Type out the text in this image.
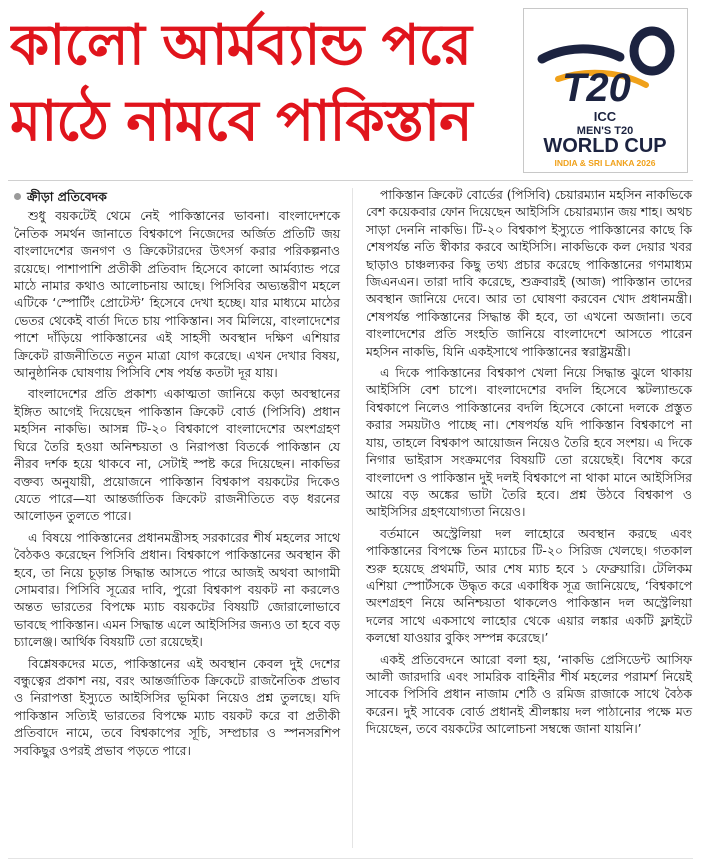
কালো আর্মব্যান্ড পরে
মাঠে নামবে পাকিস্তান
T20
ICC
MEN'S T20
WORLD CUP
INDIA & SRI LANKA 2026
ক্রীড়া প্রতিবেদক

শুধু বয়কটেই থেমে নেই পাকিস্তানের ভাবনা। বাংলাদেশকে নৈতিক সমর্থন জানাতে বিশ্বকাপে নিজেদের অর্জিত প্রতিটি জয় বাংলাদেশের জনগণ ও ক্রিকেটারদের উৎসর্গ করার পরিকল্পনাও রয়েছে। পাশাপাশি প্রতীকী প্রতিবাদ হিসেবে কালো আর্মব্যান্ড পরে মাঠে নামার কথাও আলোচনায় আছে। পিসিবির অভ্যন্তরীণ মহলে এটিকে ‘স্পোর্টিং প্রোটেস্ট’ হিসেবে দেখা হচ্ছে। যার মাধ্যমে মাঠের ভেতর থেকেই বার্তা দিতে চায় পাকিস্তান। সব মিলিয়ে, বাংলাদেশের পাশে দাঁড়িয়ে পাকিস্তানের এই সাহসী অবস্থান দক্ষিণ এশিয়ার ক্রিকেট রাজনীতিতে নতুন মাত্রা যোগ করেছে। এখন দেখার বিষয়, আনুষ্ঠানিক ঘোষণায় পিসিবি শেষ পর্যন্ত কতটা দূর যায়।

বাংলাদেশের প্রতি প্রকাশ্য একাত্মতা জানিয়ে কড়া অবস্থানের ইঙ্গিত আগেই দিয়েছেন পাকিস্তান ক্রিকেট বোর্ড (পিসিবি) প্রধান মহসিন নাকভি। আসন্ন টি-২০ বিশ্বকাপে বাংলাদেশের অংশগ্রহণ ঘিরে তৈরি হওয়া অনিশ্চয়তা ও নিরাপত্তা বিতর্কে পাকিস্তান যে নীরব দর্শক হয়ে থাকবে না, সেটাই স্পষ্ট করে দিয়েছেন। নাকভির বক্তব্য অনুযায়ী, প্রয়োজনে পাকিস্তান বিশ্বকাপ বয়কটের দিকেও যেতে পারে—যা আন্তর্জাতিক ক্রিকেট রাজনীতিতে বড় ধরনের আলোড়ন তুলতে পারে।

এ বিষয়ে পাকিস্তানের প্রধানমন্ত্রীসহ সরকারের শীর্ষ মহলের সাথে বৈঠকও করেছেন পিসিবি প্রধান। বিশ্বকাপে পাকিস্তানের অবস্থান কী হবে, তা নিয়ে চূড়ান্ত সিদ্ধান্ত আসতে পারে আজই অথবা আগামী সোমবার। পিসিবি সূত্রের দাবি, পুরো বিশ্বকাপ বয়কট না করলেও অন্তত ভারতের বিপক্ষে ম্যাচ বয়কটের বিষয়টি জোরালোভাবে ভাবছে পাকিস্তান। এমন সিদ্ধান্ত এলে আইসিসির জন্যও তা হবে বড় চ্যালেঞ্জ। আর্থিক বিষয়টি তো রয়েছেই।

বিশ্লেষকদের মতে, পাকিস্তানের এই অবস্থান কেবল দুই দেশের বন্ধুত্বের প্রকাশ নয়, বরং আন্তর্জাতিক ক্রিকেটে রাজনৈতিক প্রভাব ও নিরাপত্তা ইস্যুতে আইসিসির ভূমিকা নিয়েও প্রশ্ন তুলছে। যদি পাকিস্তান সত্যিই ভারতের বিপক্ষে ম্যাচ বয়কট করে বা প্রতীকী প্রতিবাদে নামে, তবে বিশ্বকাপের সূচি, সম্প্রচার ও স্পনসরশিপ সবকিছুর ওপরই প্রভাব পড়তে পারে।

পাকিস্তান ক্রিকেট বোর্ডের (পিসিবি) চেয়ারম্যান মহসিন নাকভিকে বেশ কয়েকবার ফোন দিয়েছেন আইসিসি চেয়ারম্যান জয় শাহ। অথচ সাড়া দেননি নাকভি। টি-২০ বিশ্বকাপ ইস্যুতে পাকিস্তানের কাছে কি শেষপর্যন্ত নতি স্বীকার করবে আইসিসি। নাকভিকে কল দেয়ার খবর ছাড়াও চাঞ্চল্যকর কিছু তথ্য প্রচার করেছে পাকিস্তানের গণমাধ্যম জিএনএন। তারা দাবি করেছে, শুক্রবারই (আজ) পাকিস্তান তাদের অবস্থান জানিয়ে দেবে। আর তা ঘোষণা করবেন খোদ প্রধানমন্ত্রী। শেষপর্যন্ত পাকিস্তানের সিদ্ধান্ত কী হবে, তা এখনো অজানা। তবে বাংলাদেশের প্রতি সংহতি জানিয়ে বাংলাদেশে আসতে পারেন মহসিন নাকভি, যিনি একইসাথে পাকিস্তানের স্বরাষ্ট্রমন্ত্রী।

এ দিকে পাকিস্তানের বিশ্বকাপ খেলা নিয়ে সিদ্ধান্ত ঝুলে থাকায় আইসিসি বেশ চাপে। বাংলাদেশের বদলি হিসেবে স্কটল্যান্ডকে বিশ্বকাপে নিলেও পাকিস্তানের বদলি হিসেবে কোনো দলকে প্রস্তুত করার সময়টাও পাচ্ছে না। শেষপর্যন্ত যদি পাকিস্তান বিশ্বকাপে না যায়, তাহলে বিশ্বকাপ আয়োজন নিয়েও তৈরি হবে সংশয়। এ দিকে নিগার ভাইরাস সংক্রমণের বিষয়টি তো রয়েছেই। বিশেষ করে বাংলাদেশ ও পাকিস্তান দুই দলই বিশ্বকাপে না থাকা মানে আইসিসির আয়ে বড় অঙ্কের ভাটা তৈরি হবে। প্রশ্ন উঠবে বিশ্বকাপ ও আইসিসির গ্রহণযোগ্যতা নিয়েও।

বর্তমানে অস্ট্রেলিয়া দল লাহোরে অবস্থান করছে এবং পাকিস্তানের বিপক্ষে তিন ম্যাচের টি-২০ সিরিজ খেলছে। গতকাল শুরু হয়েছে প্রথমটি, আর শেষ ম্যাচ হবে ১ ফেব্রুয়ারি। টেলিকম এশিয়া স্পোর্টসকে উদ্ধৃত করে একাধিক সূত্র জানিয়েছে, ‘বিশ্বকাপে অংশগ্রহণ নিয়ে অনিশ্চয়তা থাকলেও পাকিস্তান দল অস্ট্রেলিয়া দলের সাথে একসাথে লাহোর থেকে এয়ার লঙ্কার একটি ফ্লাইটে কলম্বো যাওয়ার বুকিং সম্পন্ন করেছে।’

একই প্রতিবেদনে আরো বলা হয়, ‘নাকভি প্রেসিডেন্ট আসিফ আলী জারদারি এবং সামরিক বাহিনীর শীর্ষ মহলের পরামর্শ নিয়েই সাবেক পিসিবি প্রধান নাজাম শেঠি ও রমিজ রাজাকে সাথে বৈঠক করেন। দুই সাবেক বোর্ড প্রধানই শ্রীলঙ্কায় দল পাঠানোর পক্ষে মত দিয়েছেন, তবে বয়কটের আলোচনা সম্বন্ধে জানা যায়নি।’
